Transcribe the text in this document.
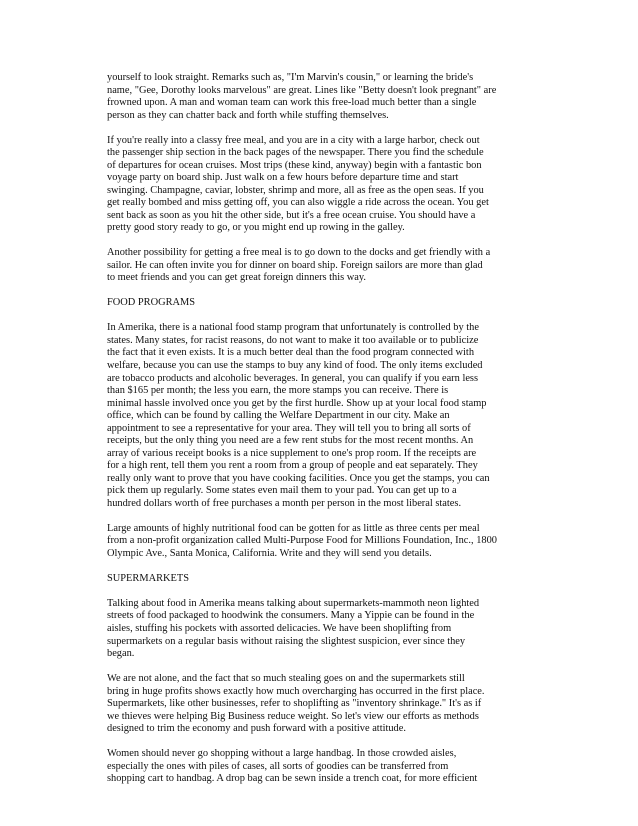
yourself to look straight. Remarks such as, "I'm Marvin's cousin," or learning the bride's
name, "Gee, Dorothy looks marvelous" are great. Lines like "Betty doesn't look pregnant" are
frowned upon. A man and woman team can work this free-load much better than a single
person as they can chatter back and forth while stuffing themselves.
If you're really into a classy free meal, and you are in a city with a large harbor, check out
the passenger ship section in the back pages of the newspaper. There you find the schedule
of departures for ocean cruises. Most trips (these kind, anyway) begin with a fantastic bon
voyage party on board ship. Just walk on a few hours before departure time and start
swinging. Champagne, caviar, lobster, shrimp and more, all as free as the open seas. If you
get really bombed and miss getting off, you can also wiggle a ride across the ocean. You get
sent back as soon as you hit the other side, but it's a free ocean cruise. You should have a
pretty good story ready to go, or you might end up rowing in the galley.
Another possibility for getting a free meal is to go down to the docks and get friendly with a
sailor. He can often invite you for dinner on board ship. Foreign sailors are more than glad
to meet friends and you can get great foreign dinners this way.
FOOD PROGRAMS
In Amerika, there is a national food stamp program that unfortunately is controlled by the
states. Many states, for racist reasons, do not want to make it too available or to publicize
the fact that it even exists. It is a much better deal than the food program connected with
welfare, because you can use the stamps to buy any kind of food. The only items excluded
are tobacco products and alcoholic beverages. In general, you can qualify if you earn less
than $165 per month; the less you earn, the more stamps you can receive. There is
minimal hassle involved once you get by the first hurdle. Show up at your local food stamp
office, which can be found by calling the Welfare Department in our city. Make an
appointment to see a representative for your area. They will tell you to bring all sorts of
receipts, but the only thing you need are a few rent stubs for the most recent months. An
array of various receipt books is a nice supplement to one's prop room. If the receipts are
for a high rent, tell them you rent a room from a group of people and eat separately. They
really only want to prove that you have cooking facilities. Once you get the stamps, you can
pick them up regularly. Some states even mail them to your pad. You can get up to a
hundred dollars worth of free purchases a month per person in the most liberal states.
Large amounts of highly nutritional food can be gotten for as little as three cents per meal
from a non-profit organization called Multi-Purpose Food for Millions Foundation, Inc., 1800
Olympic Ave., Santa Monica, California. Write and they will send you details.
SUPERMARKETS
Talking about food in Amerika means talking about supermarkets-mammoth neon lighted
streets of food packaged to hoodwink the consumers. Many a Yippie can be found in the
aisles, stuffing his pockets with assorted delicacies. We have been shoplifting from
supermarkets on a regular basis without raising the slightest suspicion, ever since they
began.
We are not alone, and the fact that so much stealing goes on and the supermarkets still
bring in huge profits shows exactly how much overcharging has occurred in the first place.
Supermarkets, like other businesses, refer to shoplifting as "inventory shrinkage." It's as if
we thieves were helping Big Business reduce weight. So let's view our efforts as methods
designed to trim the economy and push forward with a positive attitude.
Women should never go shopping without a large handbag. In those crowded aisles,
especially the ones with piles of cases, all sorts of goodies can be transferred from
shopping cart to handbag. A drop bag can be sewn inside a trench coat, for more efficient
